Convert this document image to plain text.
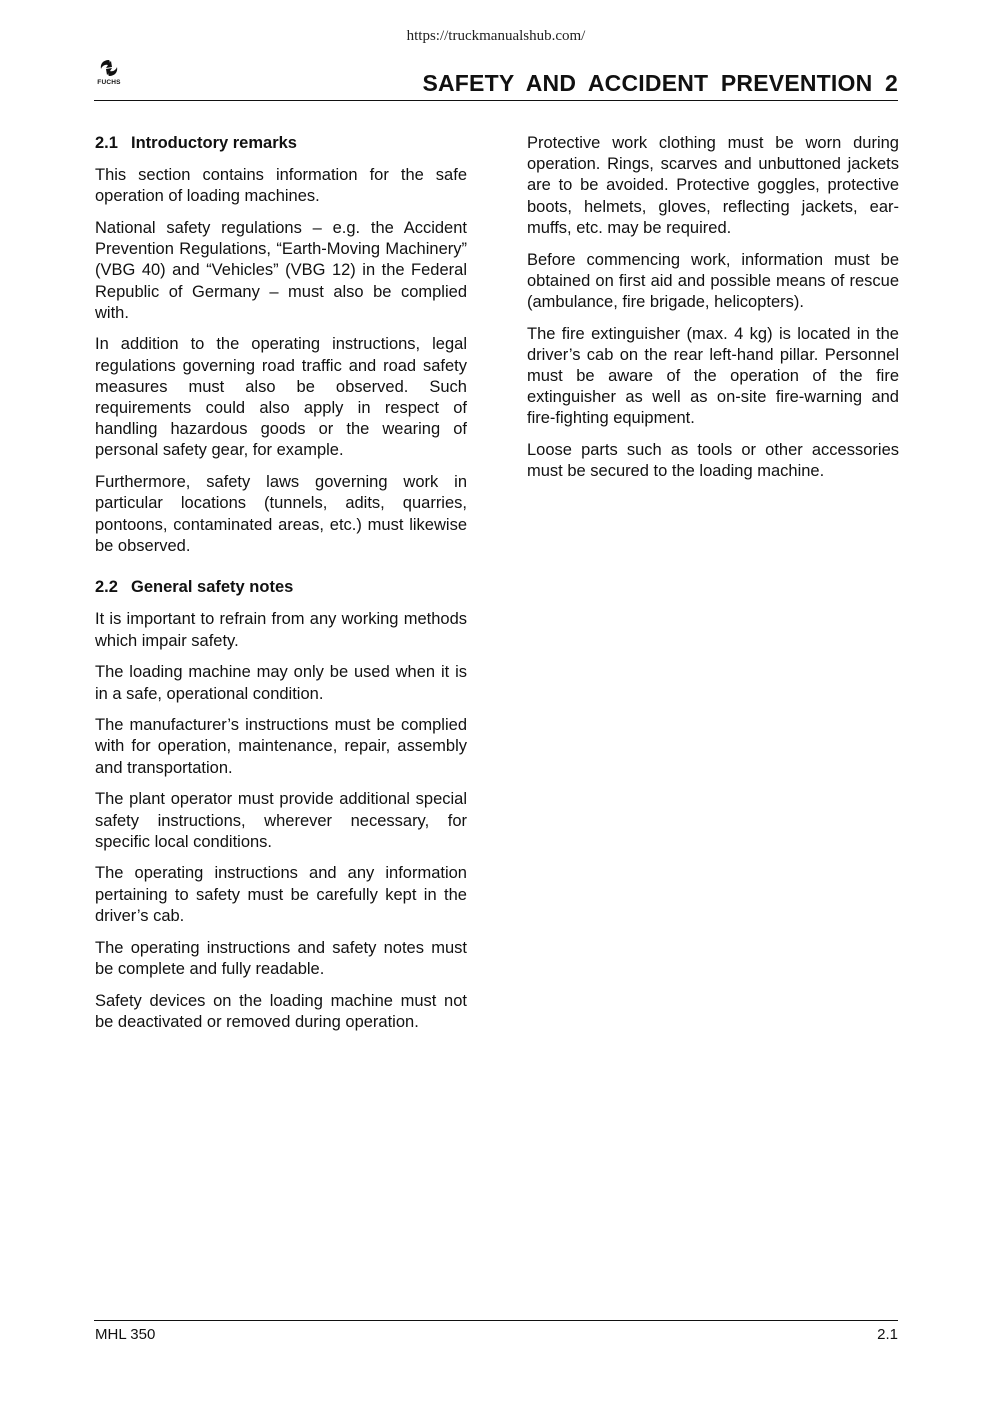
https://truckmanualshub.com/
FUCHS	SAFETY AND ACCIDENT PREVENTION 2
2.1 Introductory remarks

This section contains information for the safe operation of loading machines.

National safety regulations – e.g. the Accident Prevention Regulations, “Earth-Moving Machinery” (VBG 40) and “Vehicles” (VBG 12) in the Federal Republic of Germany – must also be complied with.

In addition to the operating instructions, legal regulations governing road traffic and road safety measures must also be observed. Such requirements could also apply in respect of handling hazardous goods or the wearing of personal safety gear, for example.

Furthermore, safety laws governing work in particular locations (tunnels, adits, quarries, pontoons, contaminated areas, etc.) must likewise be observed.

2.2 General safety notes

It is important to refrain from any working methods which impair safety.

The loading machine may only be used when it is in a safe, operational condition.

The manufacturer’s instructions must be complied with for operation, maintenance, repair, assembly and transportation.

The plant operator must provide additional special safety instructions, wherever necessary, for specific local conditions.

The operating instructions and any information pertaining to safety must be carefully kept in the driver’s cab.

The operating instructions and safety notes must be complete and fully readable.

Safety devices on the loading machine must not be deactivated or removed during operation.

Protective work clothing must be worn during operation. Rings, scarves and unbuttoned jackets are to be avoided. Protective goggles, protective boots, helmets, gloves, reflecting jackets, ear-muffs, etc. may be required.

Before commencing work, information must be obtained on first aid and possible means of rescue (ambulance, fire brigade, helicopters).

The fire extinguisher (max. 4 kg) is located in the driver’s cab on the rear left-hand pillar. Personnel must be aware of the operation of the fire extinguisher as well as on-site fire-warning and fire-fighting equipment.

Loose parts such as tools or other accessories must be secured to the loading machine.

MHL 350	2.1
